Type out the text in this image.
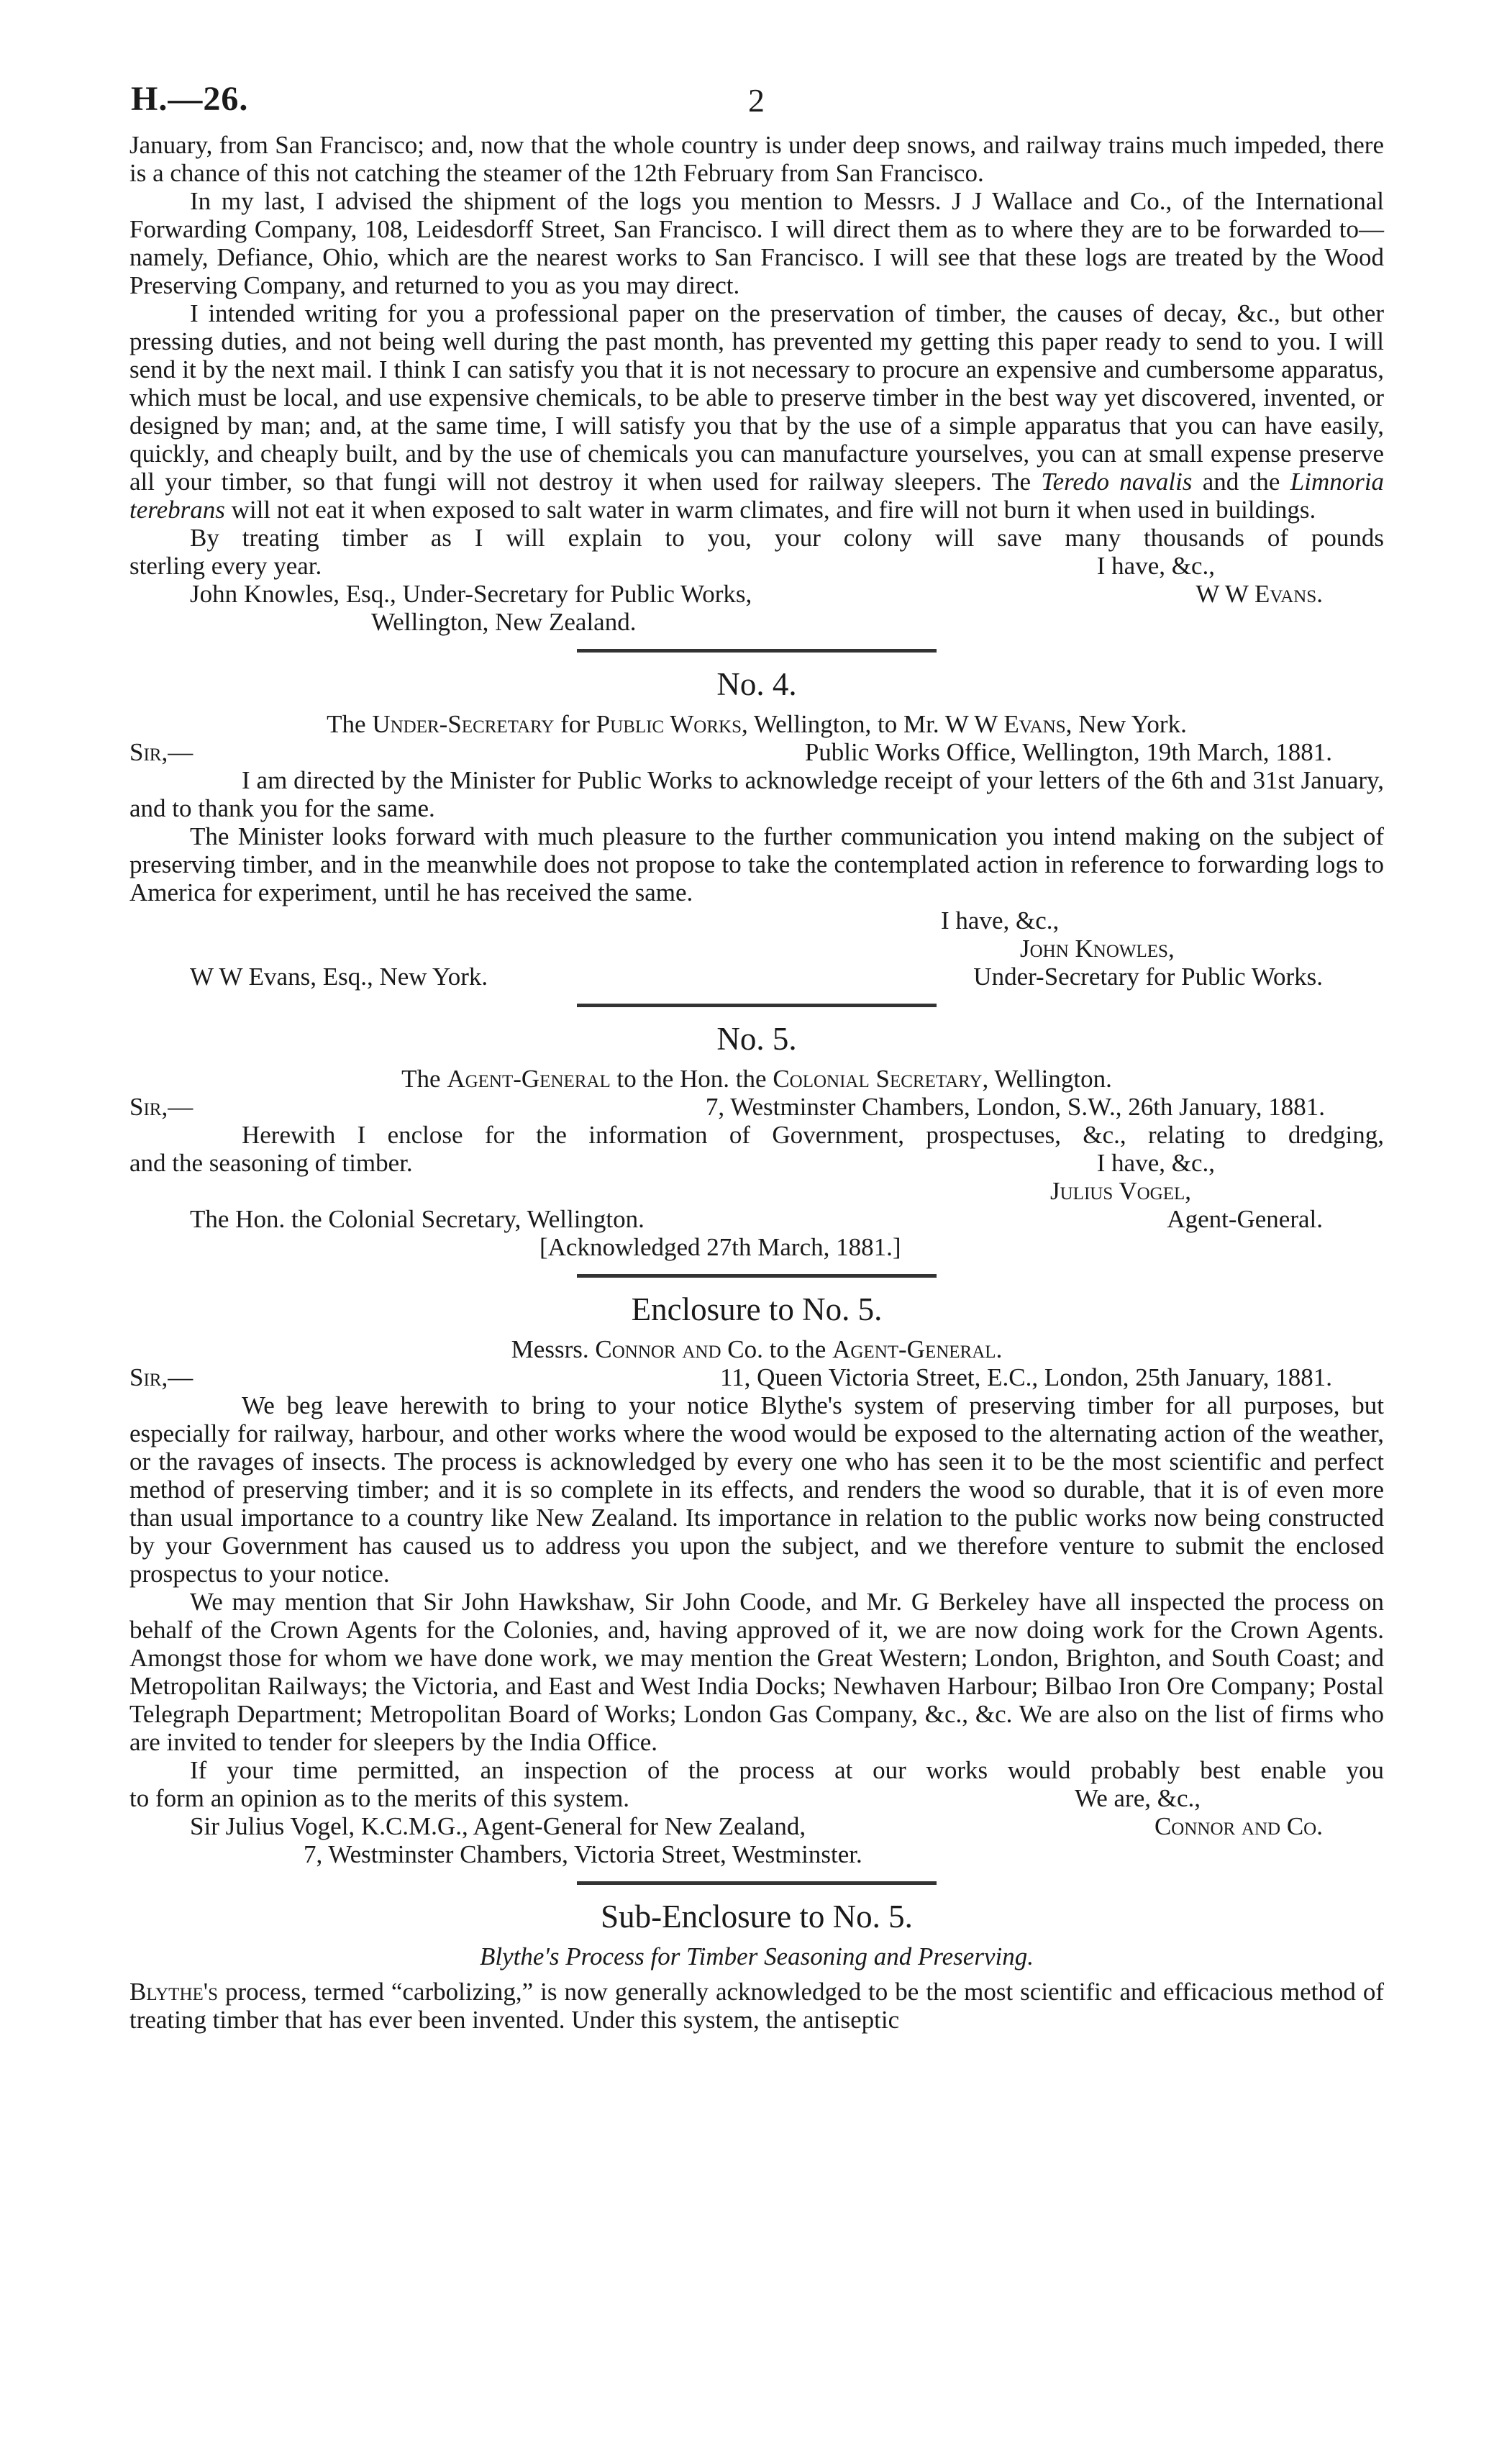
H.—26.	2

January, from San Francisco; and, now that the whole country is under deep snows, and railway trains much impeded, there is a chance of this not catching the steamer of the 12th February from San Francisco.

In my last, I advised the shipment of the logs you mention to Messrs. J J Wallace and Co., of the International Forwarding Company, 108, Leidesdorff Street, San Francisco. I will direct them as to where they are to be forwarded to—namely, Defiance, Ohio, which are the nearest works to San Francisco. I will see that these logs are treated by the Wood Preserving Company, and returned to you as you may direct.

I intended writing for you a professional paper on the preservation of timber, the causes of decay, &c., but other pressing duties, and not being well during the past month, has prevented my getting this paper ready to send to you. I will send it by the next mail. I think I can satisfy you that it is not necessary to procure an expensive and cumbersome apparatus, which must be local, and use expensive chemicals, to be able to preserve timber in the best way yet discovered, invented, or designed by man; and, at the same time, I will satisfy you that by the use of a simple apparatus that you can have easily, quickly, and cheaply built, and by the use of chemicals you can manufacture yourselves, you can at small expense preserve all your timber, so that fungi will not destroy it when used for railway sleepers. The Teredo navalis and the Limnoria terebrans will not eat it when exposed to salt water in warm climates, and fire will not burn it when used in buildings.

By treating timber as I will explain to you, your colony will save many thousands of pounds

sterling every year.	I have, &c.,
John Knowles, Esq., Under-Secretary for Public Works,	W W Evans.
Wellington, New Zealand.
No. 4.
The Under-Secretary for Public Works, Wellington, to Mr. W W Evans, New York.
Sir,—	Public Works Office, Wellington, 19th March, 1881.

I am directed by the Minister for Public Works to acknowledge receipt of your letters of the 6th and 31st January, and to thank you for the same.

The Minister looks forward with much pleasure to the further communication you intend making on the subject of preserving timber, and in the meanwhile does not propose to take the contemplated action in reference to forwarding logs to America for experiment, until he has received the same.

I have, &c.,
John Knowles,
W W Evans, Esq., New York.	Under-Secretary for Public Works.
No. 5.
The Agent-General to the Hon. the Colonial Secretary, Wellington.
Sir,—	7, Westminster Chambers, London, S.W., 26th January, 1881.

Herewith I enclose for the information of Government, prospectuses, &c., relating to dredging,

and the seasoning of timber.	I have, &c.,
Julius Vogel,
The Hon. the Colonial Secretary, Wellington.	Agent-General.
[Acknowledged 27th March, 1881.]
Enclosure to No. 5.
Messrs. Connor and Co. to the Agent-General.
Sir,—	11, Queen Victoria Street, E.C., London, 25th January, 1881.

We beg leave herewith to bring to your notice Blythe's system of preserving timber for all purposes, but especially for railway, harbour, and other works where the wood would be exposed to the alternating action of the weather, or the ravages of insects. The process is acknowledged by every one who has seen it to be the most scientific and perfect method of preserving timber; and it is so complete in its effects, and renders the wood so durable, that it is of even more than usual importance to a country like New Zealand. Its importance in relation to the public works now being constructed by your Government has caused us to address you upon the subject, and we therefore venture to submit the enclosed prospectus to your notice.

We may mention that Sir John Hawkshaw, Sir John Coode, and Mr. G Berkeley have all inspected the process on behalf of the Crown Agents for the Colonies, and, having approved of it, we are now doing work for the Crown Agents. Amongst those for whom we have done work, we may mention the Great Western; London, Brighton, and South Coast; and Metropolitan Railways; the Victoria, and East and West India Docks; Newhaven Harbour; Bilbao Iron Ore Company; Postal Telegraph Department; Metropolitan Board of Works; London Gas Company, &c., &c. We are also on the list of firms who are invited to tender for sleepers by the India Office.

If your time permitted, an inspection of the process at our works would probably best enable you

to form an opinion as to the merits of this system.	We are, &c.,
Sir Julius Vogel, K.C.M.G., Agent-General for New Zealand,	Connor and Co.
7, Westminster Chambers, Victoria Street, Westminster.
Sub-Enclosure to No. 5.
Blythe's Process for Timber Seasoning and Preserving.

Blythe's process, termed “carbolizing,” is now generally acknowledged to be the most scientific and efficacious method of treating timber that has ever been invented. Under this system, the antiseptic
